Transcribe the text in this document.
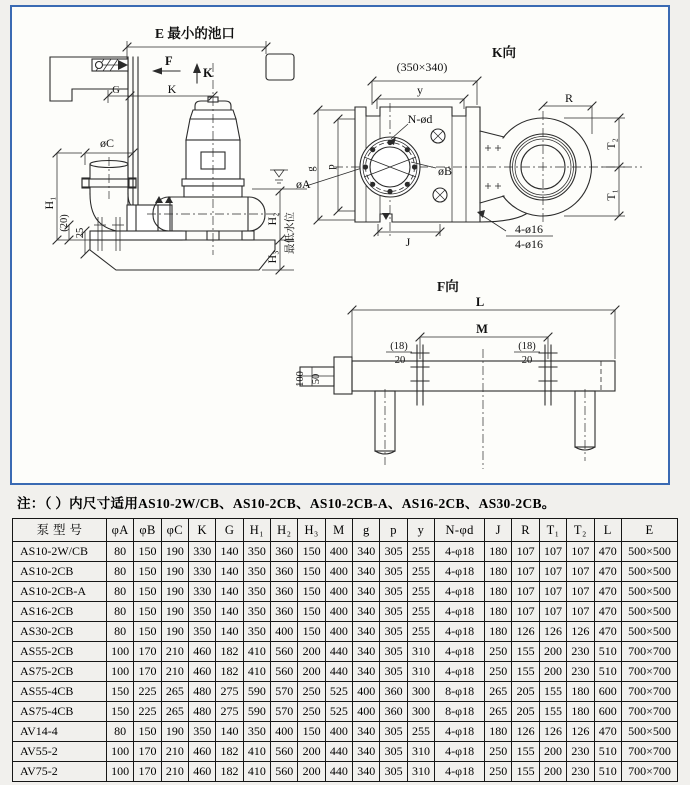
E 最小的池口
F
K
G	K
øC
H₁
(20)
25
øA
H₂
H₃
最低水位
K向
(350×340)
y
N-ød
øB
g p
J
R
T₂
T₁
4-ø16
4-ø16
F向
L
M
(18)
20
(18)
20
100 50
注：（ ）内尺寸适用AS10-2W/CB、AS10-2CB、AS10-2CB-A、AS16-2CB、AS30-2CB。
泵 型 号	φA	φB	φC	K	G	H₁	H₂	H₃	M	g	p	y	N-φd	J	R	T₁	T₂	L	E
AS10-2W/CB	80	150	190	330	140	350	360	150	400	340	305	255	4-φ18	180	107	107	107	470	500×500
AS10-2CB	80	150	190	330	140	350	360	150	400	340	305	255	4-φ18	180	107	107	107	470	500×500
AS10-2CB-A	80	150	190	330	140	350	360	150	400	340	305	255	4-φ18	180	107	107	107	470	500×500
AS16-2CB	80	150	190	350	140	350	360	150	400	340	305	255	4-φ18	180	107	107	107	470	500×500
AS30-2CB	80	150	190	350	140	350	400	150	400	340	305	255	4-φ18	180	126	126	126	470	500×500
AS55-2CB	100	170	210	460	182	410	560	200	440	340	305	310	4-φ18	250	155	200	230	510	700×700
AS75-2CB	100	170	210	460	182	410	560	200	440	340	305	310	4-φ18	250	155	200	230	510	700×700
AS55-4CB	150	225	265	480	275	590	570	250	525	400	360	300	8-φ18	265	205	155	180	600	700×700
AS75-4CB	150	225	265	480	275	590	570	250	525	400	360	300	8-φ18	265	205	155	180	600	700×700
AV14-4	80	150	190	350	140	350	400	150	400	340	305	255	4-φ18	180	126	126	126	470	500×500
AV55-2	100	170	210	460	182	410	560	200	440	340	305	310	4-φ18	250	155	200	230	510	700×700
AV75-2	100	170	210	460	182	410	560	200	440	340	305	310	4-φ18	250	155	200	230	510	700×700
